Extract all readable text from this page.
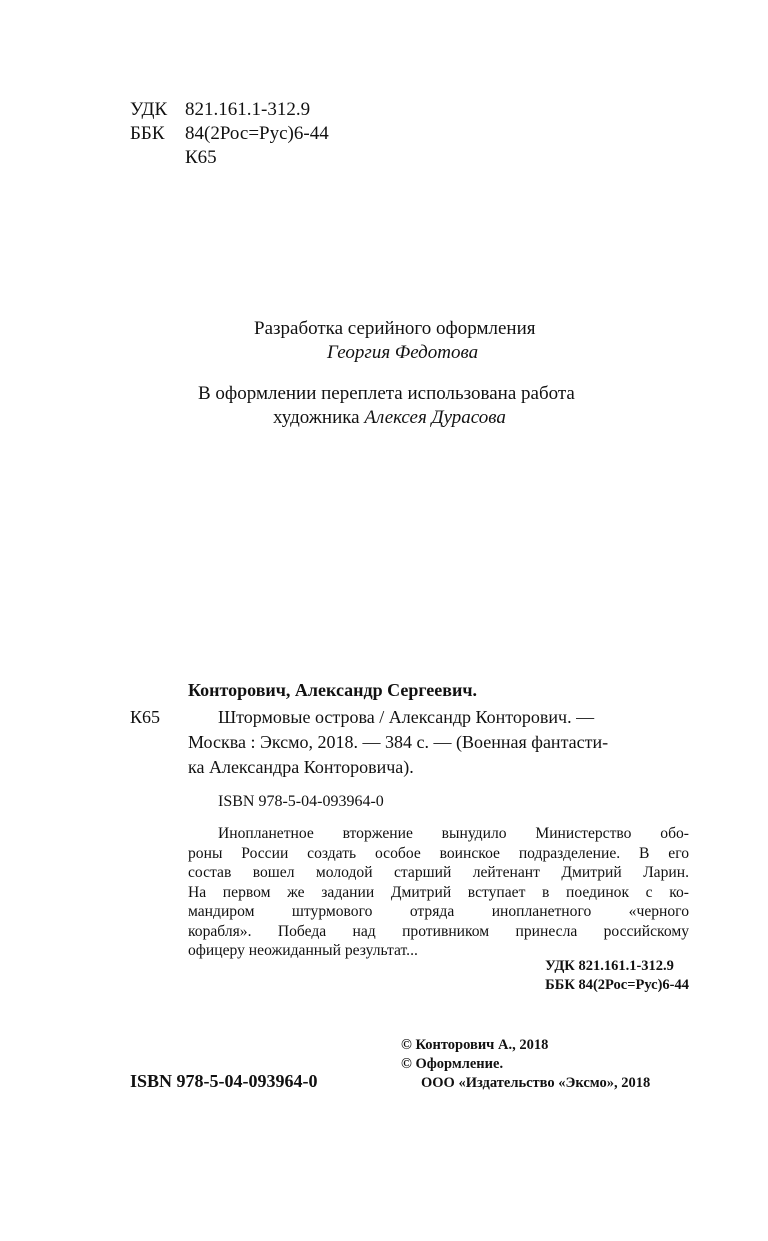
УДК 821.161.1-312.9
ББК 84(2Рос=Рус)6-44
К65
Разработка серийного оформления
Георгия Федотова
В оформлении переплета использована работа
художника Алексея Дурасова
Конторович, Александр Сергеевич.
К65	Штормовые острова / Александр Конторович. —
Москва : Эксмо, 2018. — 384 с. — (Военная фантасти-
ка Александра Конторовича).
ISBN 978-5-04-093964-0
Инопланетное вторжение вынудило Министерство обо-
роны России создать особое воинское подразделение. В его
состав вошел молодой старший лейтенант Дмитрий Ларин.
На первом же задании Дмитрий вступает в поединок с ко-
мандиром штурмового отряда инопланетного «черного
корабля». Победа над противником принесла российскому
офицеру неожиданный результат...
УДК 821.161.1-312.9
ББК 84(2Рос=Рус)6-44
ISBN 978-5-04-093964-0
© Конторович А., 2018
© Оформление.
ООО «Издательство «Эксмо», 2018
